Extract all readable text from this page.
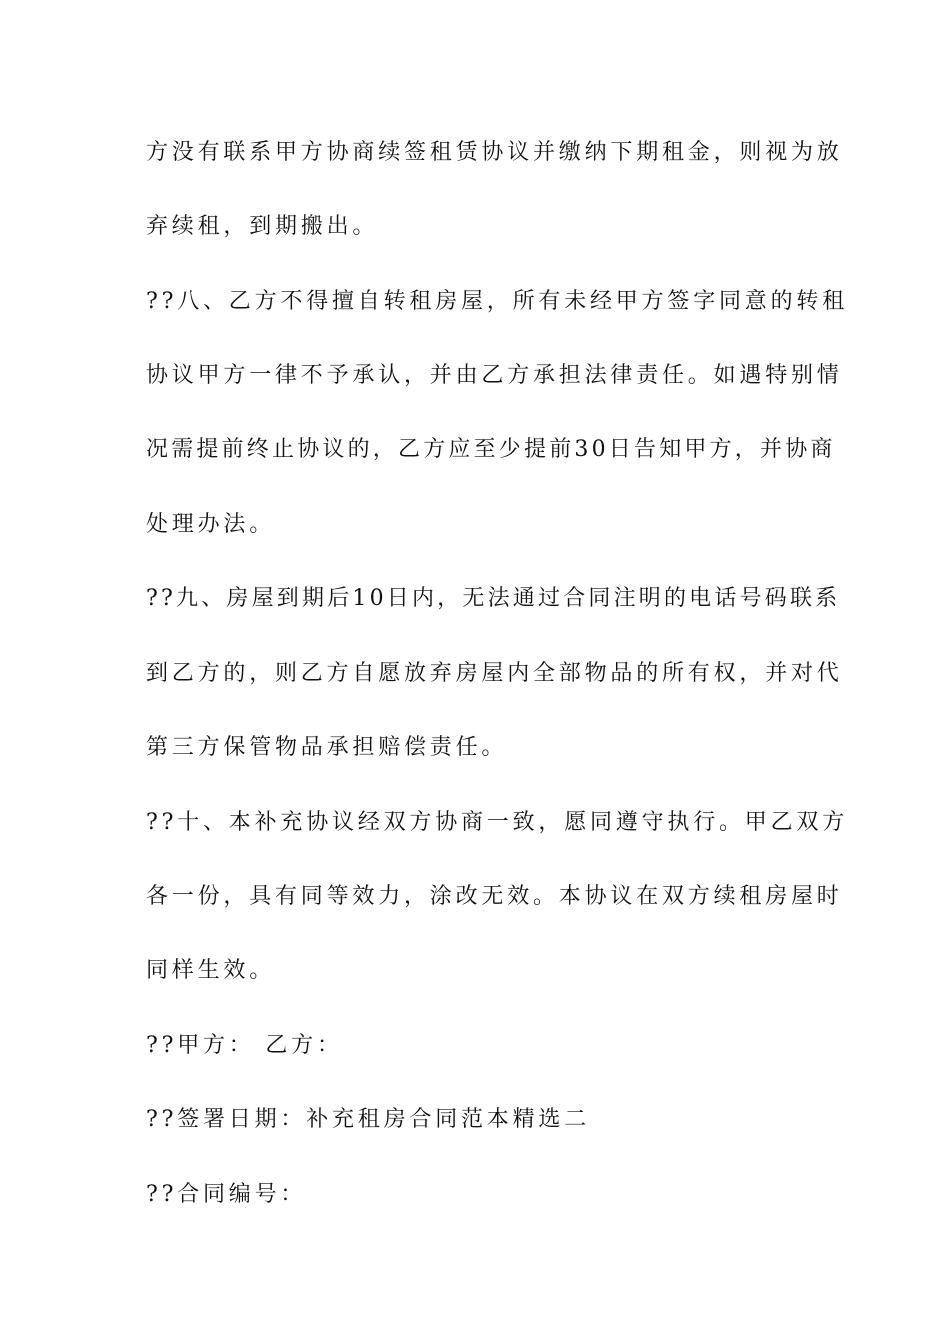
方没有联系甲方协商续签租赁协议并缴纳下期租金，则视为放
弃续租，到期搬出。
??八、乙方不得擅自转租房屋，所有未经甲方签字同意的转租
协议甲方一律不予承认，并由乙方承担法律责任。如遇特别情
况需提前终止协议的，乙方应至少提前30日告知甲方，并协商
处理办法。
??九、房屋到期后10日内，无法通过合同注明的电话号码联系
到乙方的，则乙方自愿放弃房屋内全部物品的所有权，并对代
第三方保管物品承担赔偿责任。
??十、本补充协议经双方协商一致，愿同遵守执行。甲乙双方
各一份，具有同等效力，涂改无效。本协议在双方续租房屋时
同样生效。
??甲方： 乙方：
??签署日期：补充租房合同范本精选二
??合同编号：
